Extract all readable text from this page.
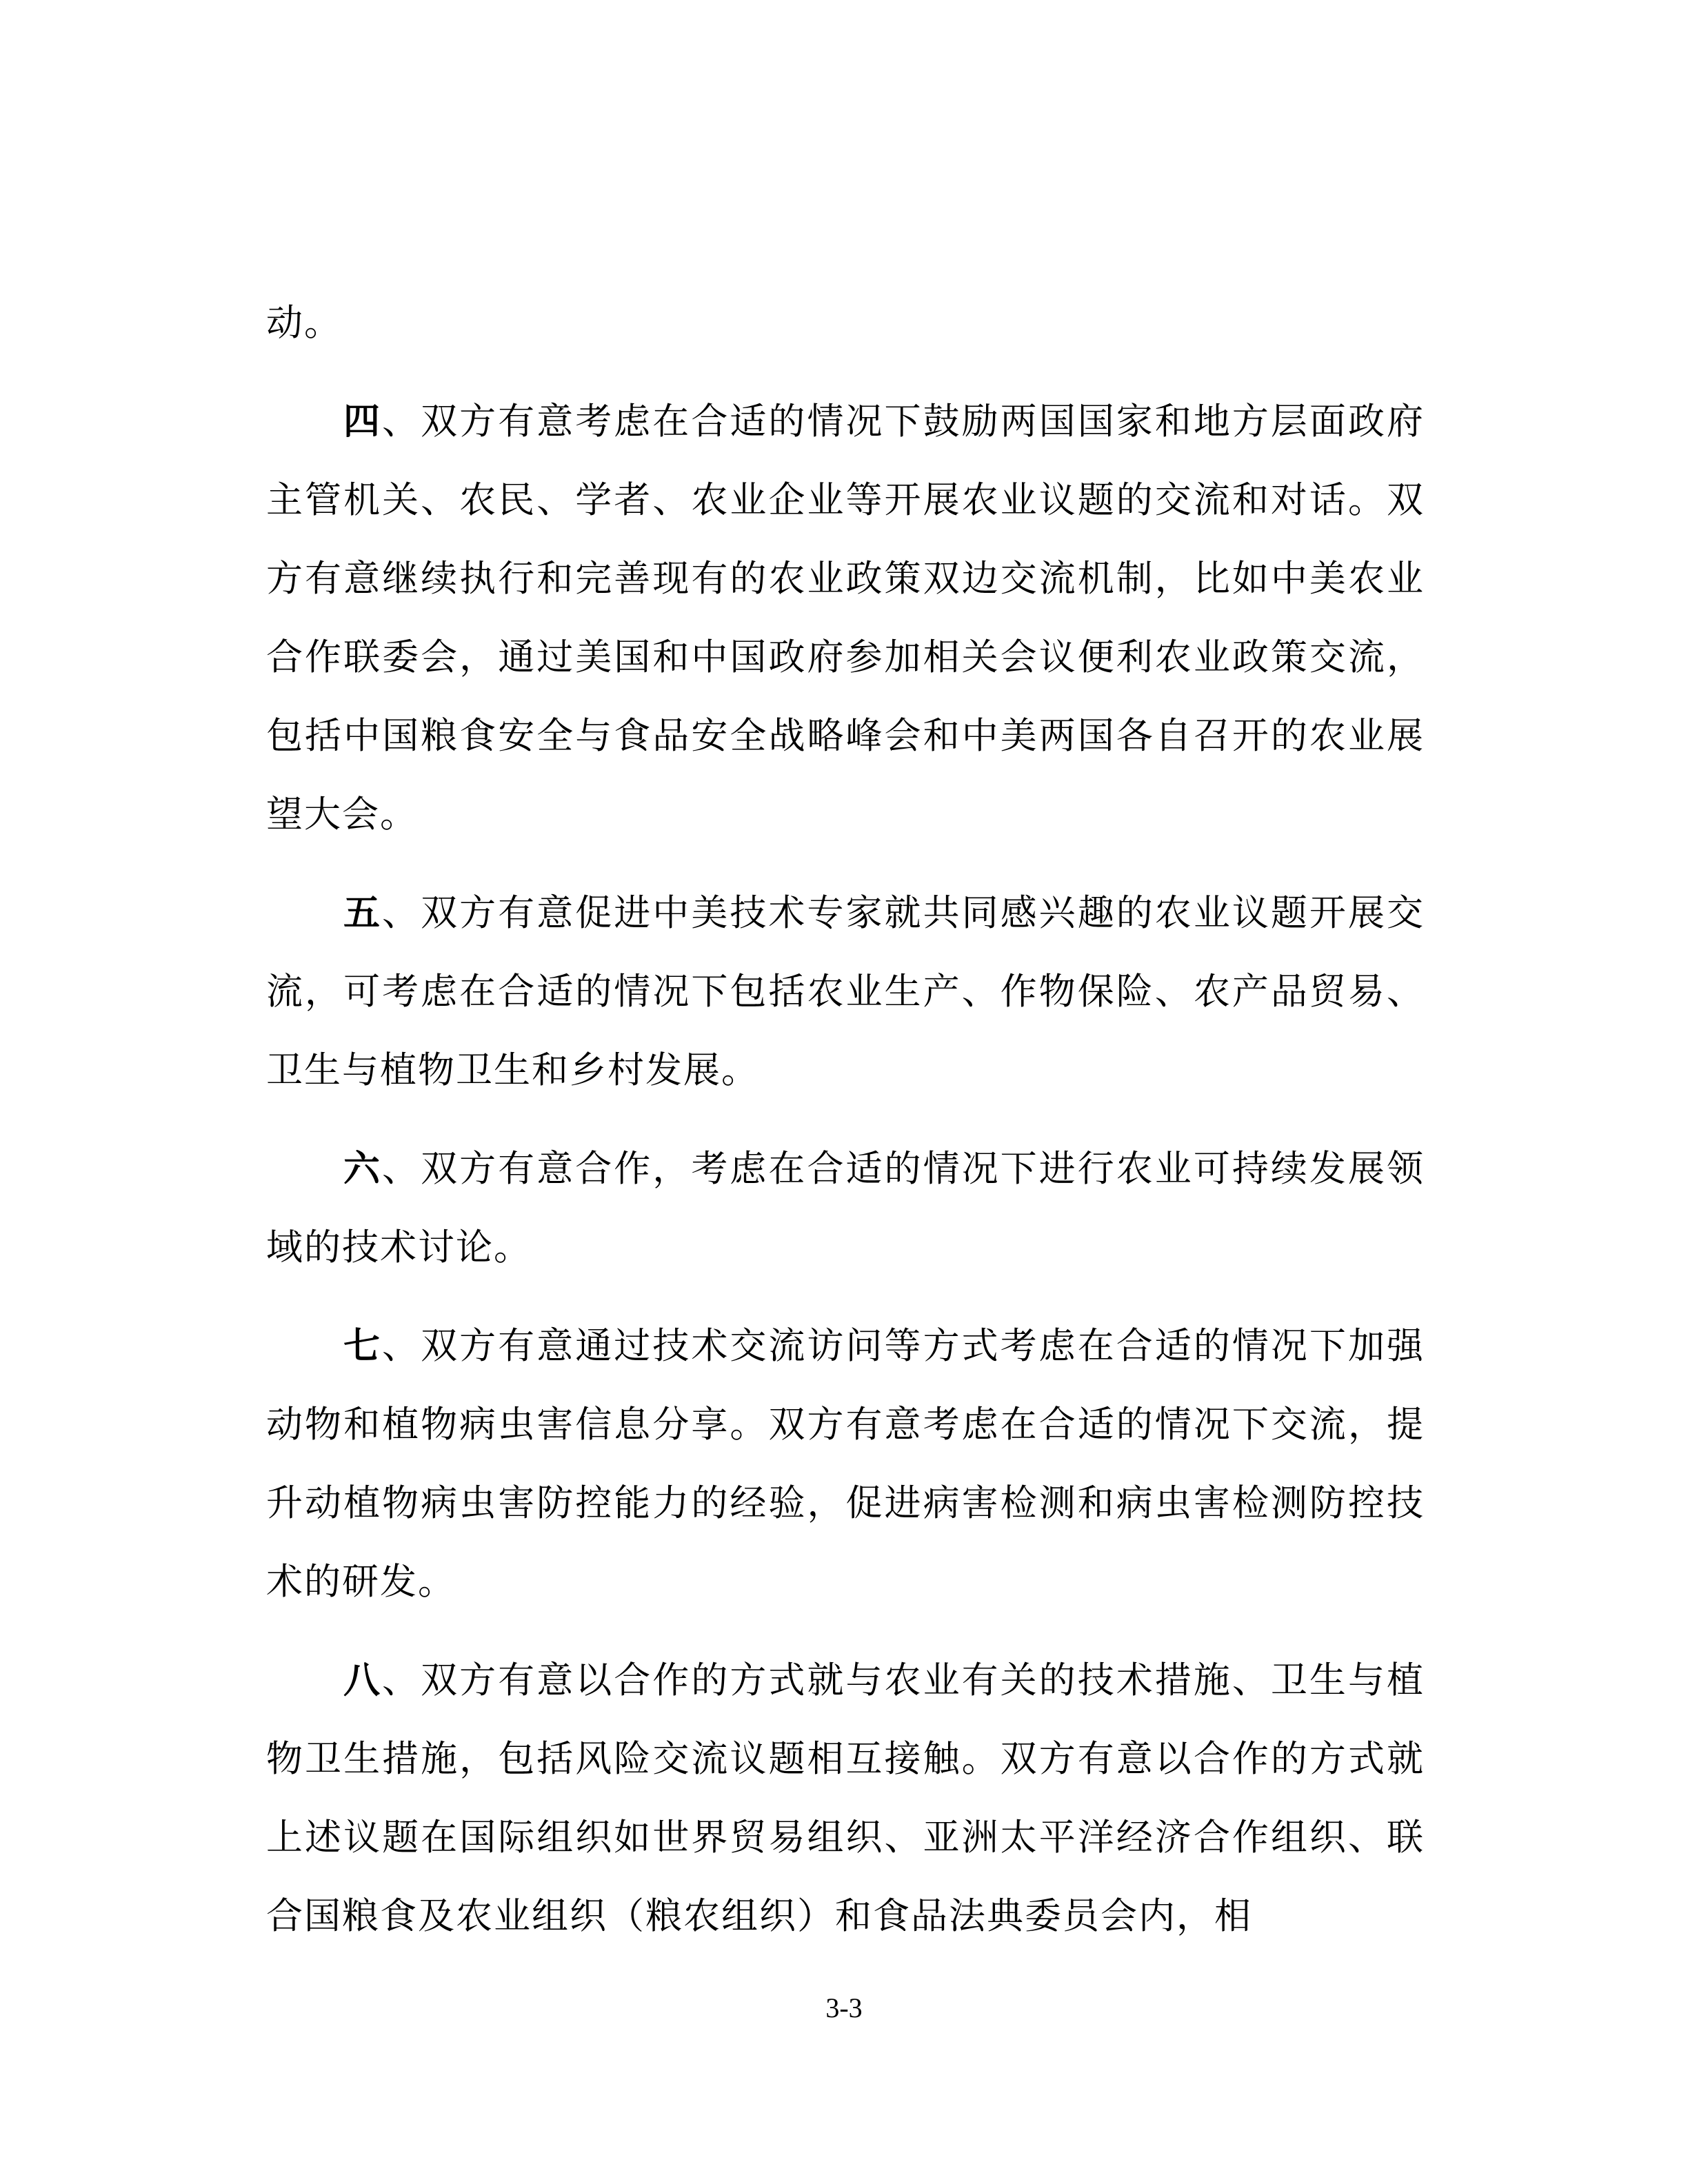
动。

四、双方有意考虑在合适的情况下鼓励两国国家和地方层面政府主管机关、农民、学者、农业企业等开展农业议题的交流和对话。双方有意继续执行和完善现有的农业政策双边交流机制，比如中美农业合作联委会，通过美国和中国政府参加相关会议便利农业政策交流，包括中国粮食安全与食品安全战略峰会和中美两国各自召开的农业展望大会。

五、双方有意促进中美技术专家就共同感兴趣的农业议题开展交流，可考虑在合适的情况下包括农业生产、作物保险、农产品贸易、卫生与植物卫生和乡村发展。

六、双方有意合作，考虑在合适的情况下进行农业可持续发展领域的技术讨论。

七、双方有意通过技术交流访问等方式考虑在合适的情况下加强动物和植物病虫害信息分享。双方有意考虑在合适的情况下交流，提升动植物病虫害防控能力的经验，促进病害检测和病虫害检测防控技术的研发。

八、双方有意以合作的方式就与农业有关的技术措施、卫生与植物卫生措施，包括风险交流议题相互接触。双方有意以合作的方式就上述议题在国际组织如世界贸易组织、亚洲太平洋经济合作组织、联合国粮食及农业组织（粮农组织）和食品法典委员会内，相

3-3
